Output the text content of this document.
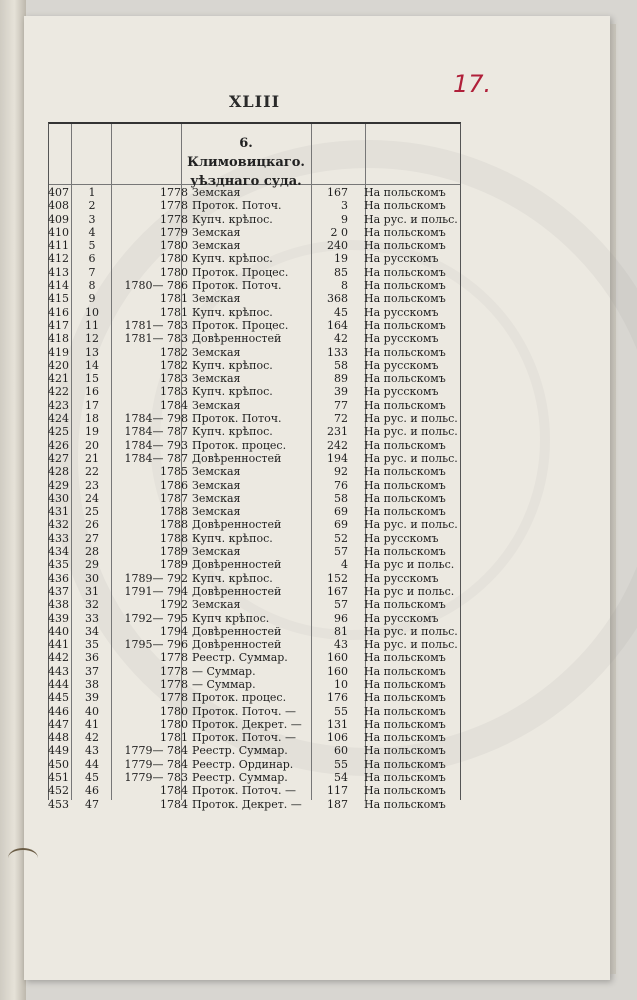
XLIII
17.
6. Климовицкаго.
уѣзднаго суда.
407	1	1778 Земская	167 На польскомъ
408	2	1778 Проток. Поточ.	3 На польскомъ
409	3	1778 Купч. крѣпос.	9 На рус. и польс.
410	4	1779 Земская	2 0 На польскомъ
411	5	1780 Земская	240 На польскомъ
412	6	1780 Купч. крѣпос.	19 На русскомъ
413	7	1780 Проток. Процес.	85 На польскомъ
414	8	1780— 786 Проток. Поточ.	8 На польскомъ
415	9	1781 Земская	368 На польскомъ
416	10	1781 Купч. крѣпос.	45 На русскомъ
417	11	1781— 783 Проток. Процес.	164 На польскомъ
418	12	1781— 783 Довѣренностей	42 На русскомъ
419	13	1782 Земская	133 На польскомъ
420	14	1782 Купч. крѣпос.	58 На русскомъ
421	15	1783 Земская	89 На польскомъ
422	16	1783 Купч. крѣпос.	39 На русскомъ
423	17	1784 Земская	77 На польскомъ
424	18	1784— 798 Проток. Поточ.	72 На рус. и польс.
425	19	1784— 787 Купч. крѣпос.	231 На рус. и польс.
426	20	1784— 793 Проток. процес.	242 На польскомъ
427	21	1784— 787 Довѣренностей	194 На рус. и польс.
428	22	1785 Земская	92 На польскомъ
429	23	1786 Земская	76 На польскомъ
430	24	1787 Земская	58 На польскомъ
431	25	1788 Земская	69 На польскомъ
432	26	1788 Довѣренностей	69 На рус. и польс.
433	27	1788 Купч. крѣпос.	52 На русскомъ
434	28	1789 Земская	57 На польскомъ
435	29	1789 Довѣренностей	4 На рус и польс.
436	30	1789— 792 Купч. крѣпос.	152 На русскомъ
437	31	1791— 794 Довѣренностей	167 На рус и польс.
438	32	1792 Земская	57 На польскомъ
439	33	1792— 795 Купч крѣпос.	96 На русскомъ
440	34	1794 Довѣренностей	81 На рус. и польс.
441	35	1795— 796 Довѣренностей	43 На рус. и польс.
442	36	1778 Реестр. Суммар.	160 На польскомъ
443	37	1778 — Суммар.	160 На польскомъ
444	38	1778 — Суммар.	10 На польскомъ
445	39	1778 Проток. процес.	176 На польскомъ
446	40	1780 Проток. Поточ. —	55 На польскомъ
447	41	1780 Проток. Декрет. —	131 На польскомъ
448	42	1781 Проток. Поточ. —	106 На польскомъ
449	43	1779— 784 Реестр. Суммар.	60 На польскомъ
450	44	1779— 784 Реестр. Ординар.	55 На польскомъ
451	45	1779— 783 Реестр. Суммар.	54 На польскомъ
452	46	1784 Проток. Поточ. —	117 На польскомъ
453	47	1784 Проток. Декрет. —	187 На польскомъ
